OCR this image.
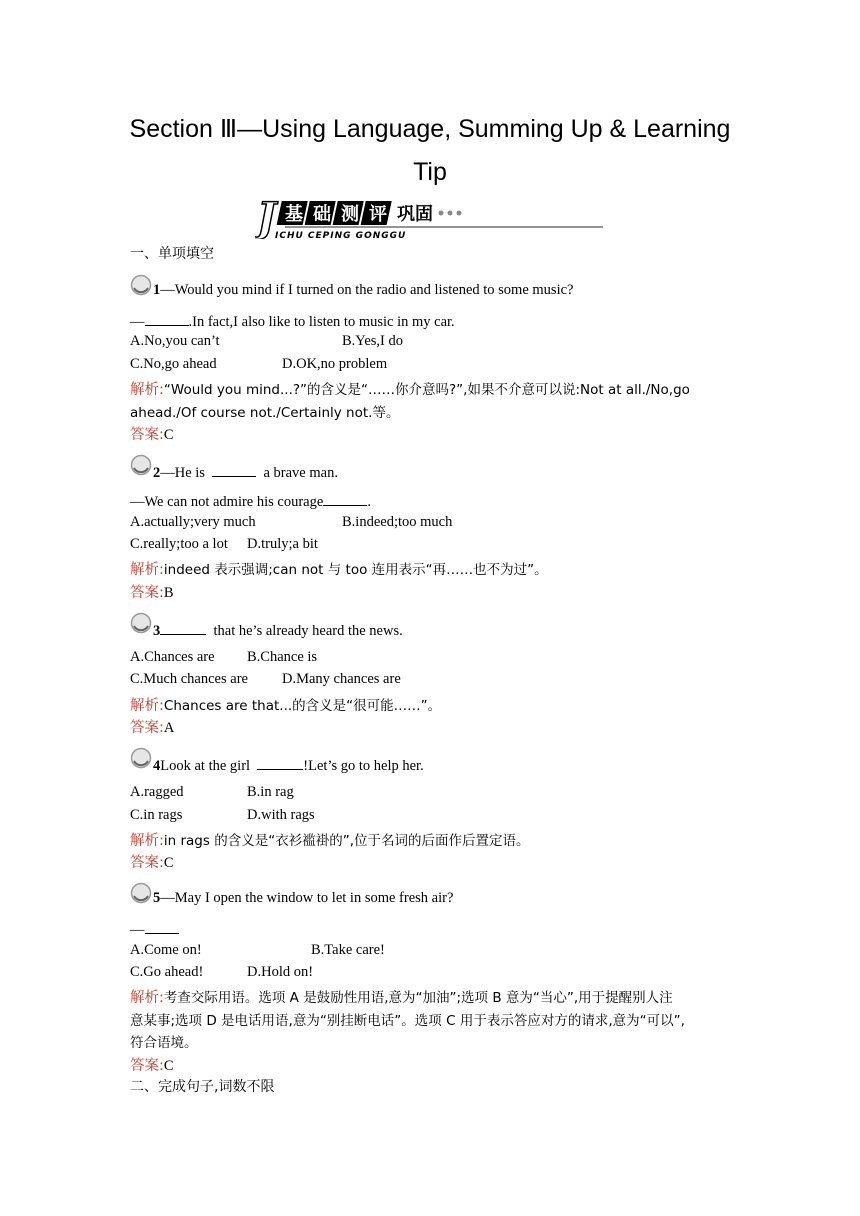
Section Ⅲ—Using Language, Summing Up & Learning
Tip
J 基 础 测 评 巩固
ICHU CEPING GONGGU
一、单项填空
1—Would you mind if I turned on the radio and listened to some music?
—	.In fact,I also like to listen to music in my car.
A.No,you can’t	B.Yes,I do
C.No,go ahead	D.OK,no problem
解析:“Would you mind...?”的含义是“……你介意吗?”,如果不介意可以说:Not at all./No,go
ahead./Of course not./Certainly not.等。
答案:C
2—He is	a brave man.
—We can not admire his courage	.
A.actually;very much	B.indeed;too much
C.really;too a lot D.truly;a bit
解析:indeed 表示强调;can not 与 too 连用表示“再……也不为过”。
答案:B
3	that he’s already heard the news.
A.Chances are B.Chance is
C.Much chances are D.Many chances are
解析:Chances are that...的含义是“很可能……”。
答案:A
4Look at the girl	!Let’s go to help her.
A.ragged	B.in rag
C.in rags	D.with rags
解析:in rags 的含义是“衣衫褴褂的”,位于名词的后面作后置定语。
答案:C
5—May I open the window to let in some fresh air?
—
A.Come on!	B.Take care!
C.Go ahead!	D.Hold on!
解析:考查交际用语。选项 A 是鼓励性用语,意为“加油”;选项 B 意为“当心”,用于提醒别人注
意某事;选项 D 是电话用语,意为“别挂断电话”。选项 C 用于表示答应对方的请求,意为“可以”,
符合语境。
答案:C
二、完成句子,词数不限
